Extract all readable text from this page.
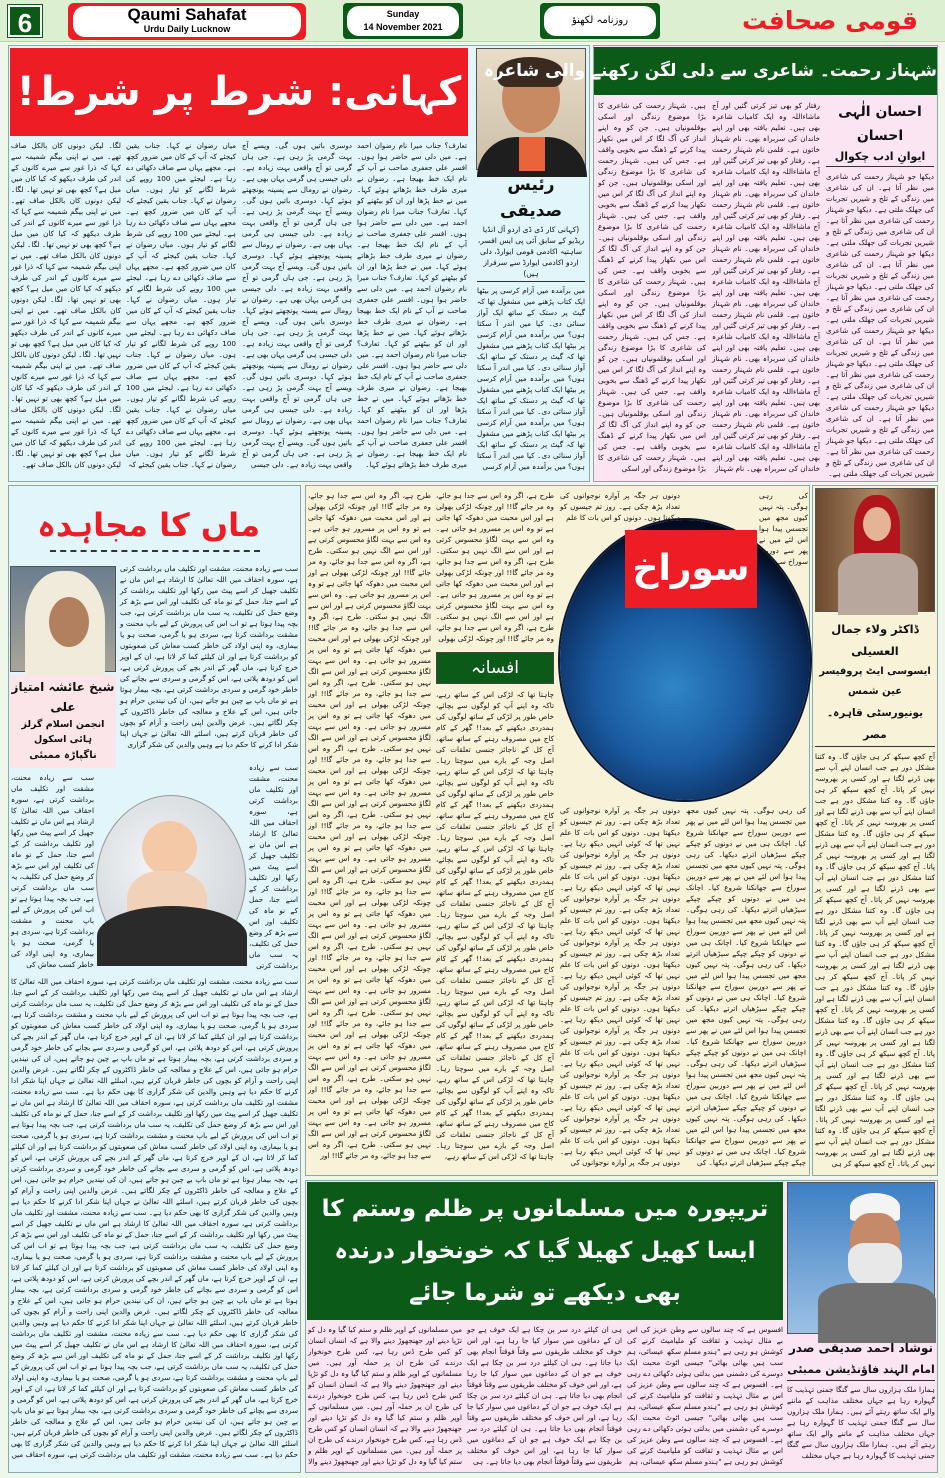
6	Qaumi Sahafat
Urdu Daily Lucknow
Sunday
14 November 2021
روزنامہ لکھنؤ	قومی صحافت
کہانی: شرط پر شرط!
رئیس صدیقی
(کہانی کار ڈی ڈی اردو آل انڈیا ریڈیو کے سابق آئی پی ایس افسر، ساہتیہ اکادمی قومی ایوارڈ، دلی اردو اکادمی ایوارڈ سے سرفراز ہیں)
میں برآمدہ میں آرام کرسی پر بیٹھا ایک کتاب پڑھنے میں مشغول تھا کہ گیٹ پر دستک کے ساتھ ایک آواز سنائی دی۔ کیا میں اندر آ سکتا ہوں؟ میں برآمدہ میں آرام کرسی پر بیٹھا ایک کتاب پڑھنے میں مشغول تھا کہ گیٹ پر دستک کے ساتھ ایک آواز سنائی دی۔ کیا میں اندر آ سکتا ہوں؟ میں برآمدہ میں آرام کرسی پر بیٹھا ایک کتاب پڑھنے میں مشغول تھا کہ گیٹ پر دستک کے ساتھ ایک آواز سنائی دی۔ کیا میں اندر آ سکتا ہوں؟ میں برآمدہ میں آرام کرسی پر بیٹھا ایک کتاب پڑھنے میں مشغول تھا کہ گیٹ پر دستک کے ساتھ ایک آواز سنائی دی۔ کیا میں اندر آ سکتا ہوں؟ میں برآمدہ میں آرام کرسی
تعارف؟ جناب میرا نام رضوان احمد ہے۔ میں دلی سے حاضر ہوا ہوں۔ افسر علی جعفری صاحب نے آپ کے نام ایک خط بھیجا ہے۔ رضوان نے میری طرف خط بڑھاتے ہوئے کہا۔ میں نے خط پڑھا اور ان کو بیٹھنے کو کہا۔ تعارف؟ جناب میرا نام رضوان احمد ہے۔ میں دلی سے حاضر ہوا ہوں۔ افسر علی جعفری صاحب نے آپ کے نام ایک خط بھیجا ہے۔ رضوان نے میری طرف خط بڑھاتے ہوئے کہا۔ میں نے خط پڑھا اور ان کو بیٹھنے کو کہا۔ تعارف؟ جناب میرا نام رضوان احمد ہے۔ میں دلی سے حاضر ہوا ہوں۔ افسر علی جعفری صاحب نے آپ کے نام ایک خط بھیجا ہے۔ رضوان نے میری طرف خط بڑھاتے ہوئے کہا۔ میں نے خط پڑھا اور ان کو بیٹھنے کو کہا۔ تعارف؟ جناب میرا نام رضوان احمد ہے۔ میں دلی سے حاضر ہوا ہوں۔ افسر علی جعفری صاحب نے آپ کے نام ایک خط بھیجا ہے۔ رضوان نے میری طرف خط بڑھاتے ہوئے کہا۔ میں نے خط پڑھا اور ان کو بیٹھنے کو کہا۔ تعارف؟ جناب میرا نام رضوان احمد ہے۔ میں دلی سے حاضر ہوا ہوں۔ افسر علی جعفری صاحب نے آپ کے نام ایک خط بھیجا ہے۔ رضوان نے میری طرف خط بڑھاتے ہوئے کہا۔
دوسری باتیں ہوں گی۔ ویسے آج بہت گرمی پڑ رہی ہے۔ جی ہاں گرمی تو آج واقعی بہت زیادہ ہے۔ دلی جیسی ہی گرمی یہاں بھی ہے۔ رضوان نے رومال سے پسینہ پونچھتے ہوئے کہا۔ دوسری باتیں ہوں گی۔ ویسے آج بہت گرمی پڑ رہی ہے۔ جی ہاں گرمی تو آج واقعی بہت زیادہ ہے۔ دلی جیسی ہی گرمی یہاں بھی ہے۔ رضوان نے رومال سے پسینہ پونچھتے ہوئے کہا۔ دوسری باتیں ہوں گی۔ ویسے آج بہت گرمی پڑ رہی ہے۔ جی ہاں گرمی تو آج واقعی بہت زیادہ ہے۔ دلی جیسی ہی گرمی یہاں بھی ہے۔ رضوان نے رومال سے پسینہ پونچھتے ہوئے کہا۔ دوسری باتیں ہوں گی۔ ویسے آج بہت گرمی پڑ رہی ہے۔ جی ہاں گرمی تو آج واقعی بہت زیادہ ہے۔ دلی جیسی ہی گرمی یہاں بھی ہے۔ رضوان نے رومال سے پسینہ پونچھتے ہوئے کہا۔ دوسری باتیں ہوں گی۔ ویسے آج بہت گرمی پڑ رہی ہے۔ جی ہاں گرمی تو آج واقعی بہت زیادہ ہے۔ دلی جیسی ہی گرمی یہاں بھی ہے۔ رضوان نے رومال سے پسینہ پونچھتے ہوئے کہا۔ دوسری باتیں ہوں گی۔ ویسے آج بہت گرمی پڑ رہی ہے۔ جی ہاں گرمی تو آج واقعی بہت زیادہ ہے۔ دلی جیسی
میاں رضوان نے کہا۔ جناب یقین کیجئے کہ آپ کے کان میں ضرور کچھ ہے۔ مجھے یہاں سے صاف دکھائی دے رہا ہے۔ لیجئے میں 100 روپے کی شرط لگانے کو تیار ہوں۔ میاں رضوان نے کہا۔ جناب یقین کیجئے کہ آپ کے کان میں ضرور کچھ ہے۔ مجھے یہاں سے صاف دکھائی دے رہا ہے۔ لیجئے میں 100 روپے کی شرط لگانے کو تیار ہوں۔ میاں رضوان نے کہا۔ جناب یقین کیجئے کہ آپ کے کان میں ضرور کچھ ہے۔ مجھے یہاں سے صاف دکھائی دے رہا ہے۔ لیجئے میں 100 روپے کی شرط لگانے کو تیار ہوں۔ میاں رضوان نے کہا۔ جناب یقین کیجئے کہ آپ کے کان میں ضرور کچھ ہے۔ مجھے یہاں سے صاف دکھائی دے رہا ہے۔ لیجئے میں 100 روپے کی شرط لگانے کو تیار ہوں۔ میاں رضوان نے کہا۔ جناب یقین کیجئے کہ آپ کے کان میں ضرور کچھ ہے۔ مجھے یہاں سے صاف دکھائی دے رہا ہے۔ لیجئے میں 100 روپے کی شرط لگانے کو تیار ہوں۔ میاں رضوان نے کہا۔ جناب یقین کیجئے کہ آپ کے کان میں ضرور کچھ ہے۔ مجھے یہاں سے صاف دکھائی دے رہا ہے۔ لیجئے میں 100 روپے کی شرط لگانے کو تیار ہوں۔ میاں رضوان نے کہا۔ جناب یقین کیجئے کہ
لگا۔ لیکن دونوں کان بالکل صاف تھے۔ میں نے اپنی بیگم شمیمہ سے کہا کہ ذرا غور سے میرے کانوں کے اندر کی طرف دیکھو کہ کیا کان میں میل ہے؟ کچھ بھی تو نہیں تھا۔ لگا۔ لیکن دونوں کان بالکل صاف تھے۔ میں نے اپنی بیگم شمیمہ سے کہا کہ ذرا غور سے میرے کانوں کے اندر کی طرف دیکھو کہ کیا کان میں میل ہے؟ کچھ بھی تو نہیں تھا۔ لگا۔ لیکن دونوں کان بالکل صاف تھے۔ میں نے اپنی بیگم شمیمہ سے کہا کہ ذرا غور سے میرے کانوں کے اندر کی طرف دیکھو کہ کیا کان میں میل ہے؟ کچھ بھی تو نہیں تھا۔ لگا۔ لیکن دونوں کان بالکل صاف تھے۔ میں نے اپنی بیگم شمیمہ سے کہا کہ ذرا غور سے میرے کانوں کے اندر کی طرف دیکھو کہ کیا کان میں میل ہے؟ کچھ بھی تو نہیں تھا۔ لگا۔ لیکن دونوں کان بالکل صاف تھے۔ میں نے اپنی بیگم شمیمہ سے کہا کہ ذرا غور سے میرے کانوں کے اندر کی طرف دیکھو کہ کیا کان میں میل ہے؟ کچھ بھی تو نہیں تھا۔ لگا۔ لیکن دونوں کان بالکل صاف تھے۔ میں نے اپنی بیگم شمیمہ سے کہا کہ ذرا غور سے میرے کانوں کے اندر کی طرف دیکھو کہ کیا کان میں میل ہے؟ کچھ بھی تو نہیں تھا۔ لگا۔ لیکن دونوں کان بالکل صاف تھے۔
شہناز رحمت۔ شاعری سے دلی لگن رکھنے والی شاعرہ
احسان الٰہی احسان
ایوانِ ادب چکوال
دیکھا جو شہناز رحمت کی شاعری میں نظر آتا ہے۔ ان کی شاعری میں زندگی کے تلخ و شیریں تجربات کی جھلک ملتی ہے۔ دیکھا جو شہناز رحمت کی شاعری میں نظر آتا ہے۔ ان کی شاعری میں زندگی کے تلخ و شیریں تجربات کی جھلک ملتی ہے۔ دیکھا جو شہناز رحمت کی شاعری میں نظر آتا ہے۔ ان کی شاعری میں زندگی کے تلخ و شیریں تجربات کی جھلک ملتی ہے۔ دیکھا جو شہناز رحمت کی شاعری میں نظر آتا ہے۔ ان کی شاعری میں زندگی کے تلخ و شیریں تجربات کی جھلک ملتی ہے۔ دیکھا جو شہناز رحمت کی شاعری میں نظر آتا ہے۔ ان کی شاعری میں زندگی کے تلخ و شیریں تجربات کی جھلک ملتی ہے۔ دیکھا جو شہناز رحمت کی شاعری میں نظر آتا ہے۔ ان کی شاعری میں زندگی کے تلخ و شیریں تجربات کی جھلک ملتی ہے۔ دیکھا جو شہناز رحمت کی شاعری میں نظر آتا ہے۔ ان کی شاعری میں زندگی کے تلخ و شیریں تجربات کی جھلک ملتی ہے۔ دیکھا جو شہناز رحمت کی شاعری میں نظر آتا ہے۔ ان کی شاعری میں زندگی کے تلخ و شیریں تجربات کی جھلک ملتی ہے۔
رفتار کو بھی تیز کرتی گئیں اور آج ماشاءاللہ وہ ایک کامیاب شاعرہ بھی ہیں۔ تعلیم یافتہ بھی اور اپنے خاندان کی سربراہ بھی۔ نام شہناز خاتون ہے۔ قلمی نام شہناز رحمت ہے۔ رفتار کو بھی تیز کرتی گئیں اور آج ماشاءاللہ وہ ایک کامیاب شاعرہ بھی ہیں۔ تعلیم یافتہ بھی اور اپنے خاندان کی سربراہ بھی۔ نام شہناز خاتون ہے۔ قلمی نام شہناز رحمت ہے۔ رفتار کو بھی تیز کرتی گئیں اور آج ماشاءاللہ وہ ایک کامیاب شاعرہ بھی ہیں۔ تعلیم یافتہ بھی اور اپنے خاندان کی سربراہ بھی۔ نام شہناز خاتون ہے۔ قلمی نام شہناز رحمت ہے۔ رفتار کو بھی تیز کرتی گئیں اور آج ماشاءاللہ وہ ایک کامیاب شاعرہ بھی ہیں۔ تعلیم یافتہ بھی اور اپنے خاندان کی سربراہ بھی۔ نام شہناز خاتون ہے۔ قلمی نام شہناز رحمت ہے۔ رفتار کو بھی تیز کرتی گئیں اور آج ماشاءاللہ وہ ایک کامیاب شاعرہ بھی ہیں۔ تعلیم یافتہ بھی اور اپنے خاندان کی سربراہ بھی۔ نام شہناز خاتون ہے۔ قلمی نام شہناز رحمت ہے۔ رفتار کو بھی تیز کرتی گئیں اور آج ماشاءاللہ وہ ایک کامیاب شاعرہ بھی ہیں۔ تعلیم یافتہ بھی اور اپنے خاندان کی سربراہ بھی۔ نام شہناز خاتون ہے۔ قلمی نام شہناز رحمت ہے۔ رفتار کو بھی تیز کرتی گئیں اور آج ماشاءاللہ وہ ایک کامیاب شاعرہ بھی ہیں۔ تعلیم یافتہ بھی اور اپنے خاندان کی سربراہ بھی۔ نام شہناز
ہیں۔ شہناز رحمت کی شاعری کا بڑا موضوع زندگی اور اسکی بوقلمونیاں ہیں۔ جن کو وہ اپنے انداز کی آگ لگا کر اس میں نکھار پیدا کرنے کے ڈھنگ سے بخوبی واقف ہے۔ جس کی ہیں۔ شہناز رحمت کی شاعری کا بڑا موضوع زندگی اور اسکی بوقلمونیاں ہیں۔ جن کو وہ اپنے انداز کی آگ لگا کر اس میں نکھار پیدا کرنے کے ڈھنگ سے بخوبی واقف ہے۔ جس کی ہیں۔ شہناز رحمت کی شاعری کا بڑا موضوع زندگی اور اسکی بوقلمونیاں ہیں۔ جن کو وہ اپنے انداز کی آگ لگا کر اس میں نکھار پیدا کرنے کے ڈھنگ سے بخوبی واقف ہے۔ جس کی ہیں۔ شہناز رحمت کی شاعری کا بڑا موضوع زندگی اور اسکی بوقلمونیاں ہیں۔ جن کو وہ اپنے انداز کی آگ لگا کر اس میں نکھار پیدا کرنے کے ڈھنگ سے بخوبی واقف ہے۔ جس کی ہیں۔ شہناز رحمت کی شاعری کا بڑا موضوع زندگی اور اسکی بوقلمونیاں ہیں۔ جن کو وہ اپنے انداز کی آگ لگا کر اس میں نکھار پیدا کرنے کے ڈھنگ سے بخوبی واقف ہے۔ جس کی ہیں۔ شہناز رحمت کی شاعری کا بڑا موضوع زندگی اور اسکی بوقلمونیاں ہیں۔ جن کو وہ اپنے انداز کی آگ لگا کر اس میں نکھار پیدا کرنے کے ڈھنگ سے بخوبی واقف ہے۔ جس کی ہیں۔ شہناز رحمت کی شاعری کا بڑا موضوع زندگی اور اسکی
ماں کا مجاہدہ
شیخ عائشہ امتیاز علی
انجمن اسلام گرلز ہائی اسکول
ناگپاڑہ ممبئی
سب سے زیادہ محنت، مشقت اور تکلیف ماں برداشت کرتی ہے، سورہ احقاف میں اللہ تعالیٰ کا ارشاد ہے اس ماں نے تکلیف جھیل کر اسے پیٹ میں رکھا اور تکلیف برداشت کر کے اسے جنا، حمل کے نو ماہ کی تکلیف اور اس سے بڑھ کر وضع حمل کی تکلیف، یہ سب ماں برداشت کرتی ہے، جب بچہ پیدا ہوتا ہے تو اب اس کی پرورش کے لیے باپ محنت و مشقت برداشت کرتا ہے، سردی ہو یا گرمی، صحت ہو یا بیماری، وہ اپنی اولاد کی خاطر کسب معاش کی
سب سے زیادہ محنت، مشقت اور تکلیف ماں برداشت کرتی ہے، سورہ احقاف میں اللہ تعالیٰ کا ارشاد ہے اس ماں نے تکلیف جھیل کر اسے پیٹ میں رکھا اور تکلیف برداشت کر کے اسے جنا، حمل کے نو ماہ کی تکلیف اور اس سے بڑھ کر وضع حمل کی تکلیف، یہ سب ماں برداشت کرتی ہے، جب بچہ پیدا ہوتا ہے تو اب اس کی پرورش کے لیے باپ محنت و مشقت برداشت کرتا ہے، سردی ہو یا گرمی، صحت ہو یا بیماری، وہ اپنی اولاد کی خاطر کسب معاش کی صعوبتوں کو برداشت کرتا ہے اور ان کیلئے کما کر لاتا ہے، ان کے اوپر خرچ کرتا ہے، ماں گھر کے اندر بچے کی پرورش کرتی ہے، اس کو دودھ پلاتی ہے، اس کو گرمی و سردی سے بچانے کی خاطر خود گرمی و سردی برداشت کرتی ہے، بچہ بیمار ہوتا ہے تو ماں باپ بے چین ہو جاتے ہیں، ان کی نیندیں حرام ہو جاتی ہیں، اس کے علاج و معالجہ کی خاطر ڈاکٹروں کے چکر لگاتے ہیں۔ غرض والدین اپنی راحت و آرام کو بچوں کی خاطر قربان کرتے ہیں، اسلئے اللہ تعالیٰ نے جہاں اپنا شکر ادا کرنے کا حکم دیا ہے وہیں والدین کی شکر گزاری
سب سے زیادہ محنت، مشقت اور تکلیف ماں برداشت کرتی ہے، سورہ احقاف میں اللہ تعالیٰ کا ارشاد ہے اس ماں نے تکلیف جھیل کر اسے پیٹ میں رکھا اور تکلیف برداشت کر کے اسے جنا، حمل کے نو ماہ کی تکلیف اور اس سے بڑھ کر وضع حمل کی تکلیف، یہ سب ماں برداشت کرتی
سب سے زیادہ محنت، مشقت اور تکلیف ماں برداشت کرتی ہے، سورہ احقاف میں اللہ تعالیٰ کا ارشاد ہے اس ماں نے تکلیف جھیل کر اسے پیٹ میں رکھا اور تکلیف برداشت کر کے اسے جنا، حمل کے نو ماہ کی تکلیف اور اس سے بڑھ کر وضع حمل کی تکلیف، یہ سب ماں برداشت کرتی ہے، جب بچہ پیدا ہوتا ہے تو اب اس کی پرورش کے لیے باپ محنت و مشقت برداشت کرتا ہے، سردی ہو یا گرمی، صحت ہو یا بیماری، وہ اپنی اولاد کی خاطر کسب معاش کی صعوبتوں کو برداشت کرتا ہے اور ان کیلئے کما کر لاتا ہے، ان کے اوپر خرچ کرتا ہے، ماں گھر کے اندر بچے کی پرورش کرتی ہے، اس کو دودھ پلاتی ہے، اس کو گرمی و سردی سے بچانے کی خاطر خود گرمی و سردی برداشت کرتی ہے، بچہ بیمار ہوتا ہے تو ماں باپ بے چین ہو جاتے ہیں، ان کی نیندیں حرام ہو جاتی ہیں، اس کے علاج و معالجہ کی خاطر ڈاکٹروں کے چکر لگاتے ہیں۔ غرض والدین اپنی راحت و آرام کو بچوں کی خاطر قربان کرتے ہیں، اسلئے اللہ تعالیٰ نے جہاں اپنا شکر ادا کرنے کا حکم دیا ہے وہیں والدین کی شکر گزاری کا بھی حکم دیا ہے۔ سب سے زیادہ محنت، مشقت اور تکلیف ماں برداشت کرتی ہے، سورہ احقاف میں اللہ تعالیٰ کا ارشاد ہے اس ماں نے تکلیف جھیل کر اسے پیٹ میں رکھا اور تکلیف برداشت کر کے اسے جنا، حمل کے نو ماہ کی تکلیف اور اس سے بڑھ کر وضع حمل کی تکلیف، یہ سب ماں برداشت کرتی ہے، جب بچہ پیدا ہوتا ہے تو اب اس کی پرورش کے لیے باپ محنت و مشقت برداشت کرتا ہے، سردی ہو یا گرمی، صحت ہو یا بیماری، وہ اپنی اولاد کی خاطر کسب معاش کی صعوبتوں کو برداشت کرتا ہے اور ان کیلئے کما کر لاتا ہے، ان کے اوپر خرچ کرتا ہے، ماں گھر کے اندر بچے کی پرورش کرتی ہے، اس کو دودھ پلاتی ہے، اس کو گرمی و سردی سے بچانے کی خاطر خود گرمی و سردی برداشت کرتی ہے، بچہ بیمار ہوتا ہے تو ماں باپ بے چین ہو جاتے ہیں، ان کی نیندیں حرام ہو جاتی ہیں، اس کے علاج و معالجہ کی خاطر ڈاکٹروں کے چکر لگاتے ہیں۔ غرض والدین اپنی راحت و آرام کو بچوں کی خاطر قربان کرتے ہیں، اسلئے اللہ تعالیٰ نے جہاں اپنا شکر ادا کرنے کا حکم دیا ہے وہیں والدین کی شکر گزاری کا بھی حکم دیا ہے۔ سب سے زیادہ محنت، مشقت اور تکلیف ماں برداشت کرتی ہے، سورہ احقاف میں اللہ تعالیٰ کا ارشاد ہے اس ماں نے تکلیف جھیل کر اسے پیٹ میں رکھا اور تکلیف برداشت کر کے اسے جنا، حمل کے نو ماہ کی تکلیف اور اس سے بڑھ کر وضع حمل کی تکلیف، یہ سب ماں برداشت کرتی ہے، جب بچہ پیدا ہوتا ہے تو اب اس کی پرورش کے لیے باپ محنت و مشقت برداشت کرتا ہے، سردی ہو یا گرمی، صحت ہو یا بیماری، وہ اپنی اولاد کی خاطر کسب معاش کی صعوبتوں کو برداشت کرتا ہے اور ان کیلئے کما کر لاتا ہے، ان کے اوپر خرچ کرتا ہے، ماں گھر کے اندر بچے کی پرورش کرتی ہے، اس کو دودھ پلاتی ہے، اس کو گرمی و سردی سے بچانے کی خاطر خود گرمی و سردی برداشت کرتی ہے، بچہ بیمار ہوتا ہے تو ماں باپ بے چین ہو جاتے ہیں، ان کی نیندیں حرام ہو جاتی ہیں، اس کے علاج و معالجہ کی خاطر ڈاکٹروں کے چکر لگاتے ہیں۔ غرض والدین اپنی راحت و آرام کو بچوں کی خاطر قربان کرتے ہیں، اسلئے اللہ تعالیٰ نے جہاں اپنا شکر ادا کرنے کا حکم دیا ہے وہیں والدین کی شکر گزاری کا بھی حکم دیا ہے۔ سب سے زیادہ محنت، مشقت اور تکلیف ماں برداشت کرتی ہے، سورہ احقاف میں اللہ تعالیٰ کا ارشاد ہے اس ماں نے تکلیف جھیل کر اسے پیٹ میں رکھا اور تکلیف برداشت کر کے اسے جنا، حمل کے نو ماہ کی تکلیف اور اس سے بڑھ کر وضع حمل کی تکلیف، یہ سب ماں برداشت کرتی ہے، جب بچہ پیدا ہوتا ہے تو اب اس کی پرورش کے لیے باپ محنت و مشقت برداشت کرتا ہے، سردی ہو یا گرمی، صحت ہو یا بیماری، وہ اپنی اولاد کی خاطر کسب معاش کی صعوبتوں کو برداشت کرتا ہے اور ان کیلئے کما کر لاتا ہے، ان کے اوپر خرچ کرتا ہے، ماں گھر کے اندر بچے کی پرورش کرتی ہے، اس کو دودھ پلاتی ہے، اس کو گرمی و سردی سے بچانے کی خاطر خود گرمی و سردی برداشت کرتی ہے، بچہ بیمار ہوتا ہے تو ماں باپ بے چین ہو جاتے ہیں، ان کی نیندیں حرام ہو جاتی ہیں، اس کے علاج و معالجہ کی خاطر ڈاکٹروں کے چکر لگاتے ہیں۔ غرض والدین اپنی راحت و آرام کو بچوں کی خاطر قربان کرتے ہیں، اسلئے اللہ تعالیٰ نے جہاں اپنا شکر ادا کرنے کا حکم دیا ہے وہیں والدین کی شکر گزاری کا بھی حکم دیا ہے۔ سب سے زیادہ محنت، مشقت اور تکلیف ماں برداشت کرتی ہے، سورہ احقاف میں
سوراخ
کی رہی ہوگی۔ پتہ نہیں کیوں مجھ میں تجسس پیدا ہوا اس لئے میں نے پھر سے دوربین سوراخ سے
دونوں ہر جگہ پر آوارہ نوجوانوں کی تعداد بڑھ چکی ہے۔ روز تم جیسوں کو دیکھتا ہوں۔ دونوں کو اس بات کا علم
کی رہی ہوگی۔ پتہ نہیں کیوں مجھ میں تجسس پیدا ہوا اس لئے میں نے پھر سے دوربین سوراخ سے جھانکنا شروع کیا۔ اچانک ہی میں نے دونوں کو چپکے چپکے سیڑھیاں اترتے دیکھا۔ کی رہی ہوگی۔ پتہ نہیں کیوں مجھ میں تجسس پیدا ہوا اس لئے میں نے پھر سے دوربین سوراخ سے جھانکنا شروع کیا۔ اچانک ہی میں نے دونوں کو چپکے چپکے سیڑھیاں اترتے دیکھا۔ کی رہی ہوگی۔ پتہ نہیں کیوں مجھ میں تجسس پیدا ہوا اس لئے میں نے پھر سے دوربین سوراخ سے جھانکنا شروع کیا۔ اچانک ہی میں نے دونوں کو چپکے چپکے سیڑھیاں اترتے دیکھا۔ کی رہی ہوگی۔ پتہ نہیں کیوں مجھ میں تجسس پیدا ہوا اس لئے میں نے پھر سے دوربین سوراخ سے جھانکنا شروع کیا۔ اچانک ہی میں نے دونوں کو چپکے چپکے سیڑھیاں اترتے دیکھا۔ کی رہی ہوگی۔ پتہ نہیں کیوں مجھ میں تجسس پیدا ہوا اس لئے میں نے پھر سے دوربین سوراخ سے جھانکنا شروع کیا۔ اچانک ہی میں نے دونوں کو چپکے چپکے سیڑھیاں اترتے دیکھا۔ کی رہی ہوگی۔ پتہ نہیں کیوں مجھ میں تجسس پیدا ہوا اس لئے میں نے پھر سے دوربین سوراخ سے جھانکنا شروع کیا۔ اچانک ہی میں نے دونوں کو چپکے چپکے سیڑھیاں اترتے دیکھا۔ کی رہی ہوگی۔ پتہ نہیں کیوں مجھ میں تجسس پیدا ہوا اس لئے میں نے پھر سے دوربین سوراخ سے جھانکنا شروع کیا۔ اچانک ہی میں نے دونوں کو چپکے چپکے سیڑھیاں اترتے دیکھا۔ کی
دونوں ہر جگہ پر آوارہ نوجوانوں کی تعداد بڑھ چکی ہے۔ روز تم جیسوں کو دیکھتا ہوں۔ دونوں کو اس بات کا علم نہیں تھا کہ کوئی انہیں دیکھ رہا ہے۔ دونوں ہر جگہ پر آوارہ نوجوانوں کی تعداد بڑھ چکی ہے۔ روز تم جیسوں کو دیکھتا ہوں۔ دونوں کو اس بات کا علم نہیں تھا کہ کوئی انہیں دیکھ رہا ہے۔ دونوں ہر جگہ پر آوارہ نوجوانوں کی تعداد بڑھ چکی ہے۔ روز تم جیسوں کو دیکھتا ہوں۔ دونوں کو اس بات کا علم نہیں تھا کہ کوئی انہیں دیکھ رہا ہے۔ دونوں ہر جگہ پر آوارہ نوجوانوں کی تعداد بڑھ چکی ہے۔ روز تم جیسوں کو دیکھتا ہوں۔ دونوں کو اس بات کا علم نہیں تھا کہ کوئی انہیں دیکھ رہا ہے۔ دونوں ہر جگہ پر آوارہ نوجوانوں کی تعداد بڑھ چکی ہے۔ روز تم جیسوں کو دیکھتا ہوں۔ دونوں کو اس بات کا علم نہیں تھا کہ کوئی انہیں دیکھ رہا ہے۔ دونوں ہر جگہ پر آوارہ نوجوانوں کی تعداد بڑھ چکی ہے۔ روز تم جیسوں کو دیکھتا ہوں۔ دونوں کو اس بات کا علم نہیں تھا کہ کوئی انہیں دیکھ رہا ہے۔ دونوں ہر جگہ پر آوارہ نوجوانوں کی تعداد بڑھ چکی ہے۔ روز تم جیسوں کو دیکھتا ہوں۔ دونوں کو اس بات کا علم نہیں تھا کہ کوئی انہیں دیکھ رہا ہے۔ دونوں ہر جگہ پر آوارہ نوجوانوں کی تعداد بڑھ چکی ہے۔ روز تم جیسوں کو دیکھتا ہوں۔ دونوں کو اس بات کا علم نہیں تھا کہ کوئی انہیں دیکھ رہا ہے۔ دونوں ہر جگہ پر آوارہ نوجوانوں کی
طرح ہے، اگر وہ اس سے جدا ہو جائے، وہ مر جائے گا!! اور چونکہ لڑکی بھولی ہے اور اس محبت میں دھوکہ کھا جاتی ہے تو وہ اس پر مسرور ہو جاتی ہے۔ وہ اس سے بہت لگاؤ محسوس کرتی ہے اور اس سے الگ نہیں ہو سکتی۔ طرح ہے، اگر وہ اس سے جدا ہو جائے، وہ مر جائے گا!! اور چونکہ لڑکی بھولی ہے اور اس محبت میں دھوکہ کھا جاتی ہے تو وہ اس پر مسرور ہو جاتی ہے۔ وہ اس سے بہت لگاؤ محسوس کرتی ہے اور اس سے الگ نہیں ہو سکتی۔ طرح ہے، اگر وہ اس سے جدا ہو جائے، وہ مر جائے گا!! اور چونکہ لڑکی بھولی
افسانہ
چاہتا تھا کہ لڑکی اس کے ساتھ رہے، تاکہ وہ اپنے آپ کو لوگوں سے بچائے، خاص طور پر لڑکی کے ساتھ لوگوں کی ہمدردی دیکھنے کے بعد!! گھر کے کام کاج میں مصروف رہنے کے ساتھ ساتھ، آج کل کے ناجائز جنسی تعلقات کی اصل وجہ کے بارے میں سوچتا رہا۔ چاہتا تھا کہ لڑکی اس کے ساتھ رہے، تاکہ وہ اپنے آپ کو لوگوں سے بچائے، خاص طور پر لڑکی کے ساتھ لوگوں کی ہمدردی دیکھنے کے بعد!! گھر کے کام کاج میں مصروف رہنے کے ساتھ ساتھ، آج کل کے ناجائز جنسی تعلقات کی اصل وجہ کے بارے میں سوچتا رہا۔ چاہتا تھا کہ لڑکی اس کے ساتھ رہے، تاکہ وہ اپنے آپ کو لوگوں سے بچائے، خاص طور پر لڑکی کے ساتھ لوگوں کی ہمدردی دیکھنے کے بعد!! گھر کے کام کاج میں مصروف رہنے کے ساتھ ساتھ، آج کل کے ناجائز جنسی تعلقات کی اصل وجہ کے بارے میں سوچتا رہا۔ چاہتا تھا کہ لڑکی اس کے ساتھ رہے، تاکہ وہ اپنے آپ کو لوگوں سے بچائے، خاص طور پر لڑکی کے ساتھ لوگوں کی ہمدردی دیکھنے کے بعد!! گھر کے کام کاج میں مصروف رہنے کے ساتھ ساتھ، آج کل کے ناجائز جنسی تعلقات کی اصل وجہ کے بارے میں سوچتا رہا۔ چاہتا تھا کہ لڑکی اس کے ساتھ رہے، تاکہ وہ اپنے آپ کو لوگوں سے بچائے، خاص طور پر لڑکی کے ساتھ لوگوں کی ہمدردی دیکھنے کے بعد!! گھر کے کام کاج میں مصروف رہنے کے ساتھ ساتھ، آج کل کے ناجائز جنسی تعلقات کی اصل وجہ کے بارے میں سوچتا رہا۔ چاہتا تھا کہ لڑکی اس کے ساتھ رہے، تاکہ وہ اپنے آپ کو لوگوں سے بچائے، خاص طور پر لڑکی کے ساتھ لوگوں کی ہمدردی دیکھنے کے بعد!! گھر کے کام کاج میں مصروف رہنے کے ساتھ ساتھ، آج کل کے ناجائز جنسی تعلقات کی اصل وجہ کے بارے میں سوچتا رہا۔ چاہتا تھا کہ لڑکی اس کے ساتھ رہے،
طرح ہے، اگر وہ اس سے جدا ہو جائے، وہ مر جائے گا!! اور چونکہ لڑکی بھولی ہے اور اس محبت میں دھوکہ کھا جاتی ہے تو وہ اس پر مسرور ہو جاتی ہے۔ وہ اس سے بہت لگاؤ محسوس کرتی ہے اور اس سے الگ نہیں ہو سکتی۔ طرح ہے، اگر وہ اس سے جدا ہو جائے، وہ مر جائے گا!! اور چونکہ لڑکی بھولی ہے اور اس محبت میں دھوکہ کھا جاتی ہے تو وہ اس پر مسرور ہو جاتی ہے۔ وہ اس سے بہت لگاؤ محسوس کرتی ہے اور اس سے الگ نہیں ہو سکتی۔ طرح ہے، اگر وہ اس سے جدا ہو جائے، وہ مر جائے گا!! اور چونکہ لڑکی بھولی ہے اور اس محبت میں دھوکہ کھا جاتی ہے تو وہ اس پر مسرور ہو جاتی ہے۔ وہ اس سے بہت لگاؤ محسوس کرتی ہے اور اس سے الگ نہیں ہو سکتی۔ طرح ہے، اگر وہ اس سے جدا ہو جائے، وہ مر جائے گا!! اور چونکہ لڑکی بھولی ہے اور اس محبت میں دھوکہ کھا جاتی ہے تو وہ اس پر مسرور ہو جاتی ہے۔ وہ اس سے بہت لگاؤ محسوس کرتی ہے اور اس سے الگ نہیں ہو سکتی۔ طرح ہے، اگر وہ اس سے جدا ہو جائے، وہ مر جائے گا!! اور چونکہ لڑکی بھولی ہے اور اس محبت میں دھوکہ کھا جاتی ہے تو وہ اس پر مسرور ہو جاتی ہے۔ وہ اس سے بہت لگاؤ محسوس کرتی ہے اور اس سے الگ نہیں ہو سکتی۔ طرح ہے، اگر وہ اس سے جدا ہو جائے، وہ مر جائے گا!! اور چونکہ لڑکی بھولی ہے اور اس محبت میں دھوکہ کھا جاتی ہے تو وہ اس پر مسرور ہو جاتی ہے۔ وہ اس سے بہت لگاؤ محسوس کرتی ہے اور اس سے الگ نہیں ہو سکتی۔ طرح ہے، اگر وہ اس سے جدا ہو جائے، وہ مر جائے گا!! اور چونکہ لڑکی بھولی ہے اور اس محبت میں دھوکہ کھا جاتی ہے تو وہ اس پر مسرور ہو جاتی ہے۔ وہ اس سے بہت لگاؤ محسوس کرتی ہے اور اس سے الگ نہیں ہو سکتی۔ طرح ہے، اگر وہ اس سے جدا ہو جائے، وہ مر جائے گا!! اور چونکہ لڑکی بھولی ہے اور اس محبت میں دھوکہ کھا جاتی ہے تو وہ اس پر مسرور ہو جاتی ہے۔ وہ اس سے بہت لگاؤ محسوس کرتی ہے اور اس سے الگ نہیں ہو سکتی۔ طرح ہے، اگر وہ اس سے جدا ہو جائے، وہ مر جائے گا!! اور چونکہ لڑکی بھولی ہے اور اس محبت میں دھوکہ کھا جاتی ہے تو وہ اس پر مسرور ہو جاتی ہے۔ وہ اس سے بہت لگاؤ محسوس کرتی ہے اور اس سے الگ نہیں ہو سکتی۔ طرح ہے، اگر وہ اس سے جدا ہو جائے، وہ مر جائے گا!! اور چونکہ لڑکی بھولی ہے اور اس محبت میں دھوکہ کھا جاتی ہے تو وہ اس پر مسرور ہو جاتی ہے۔ وہ اس سے بہت لگاؤ محسوس کرتی ہے اور اس سے الگ نہیں ہو سکتی۔ طرح ہے، اگر وہ اس سے جدا ہو جائے، وہ مر جائے گا!! اور
ڈاکٹر ولاء جمال العسیلی
ایسوسی ایٹ پروفیسر عین شمس
یونیورسٹی قاہرہ۔ مصر
آج کچھ سیکھ کر ہی جاؤں گا۔ وہ کتنا مشکل دور ہے جب انسان اپنے آپ سے بھی ڈرنے لگتا ہے اور کسی پر بھروسہ نہیں کر پاتا۔ آج کچھ سیکھ کر ہی جاؤں گا۔ وہ کتنا مشکل دور ہے جب انسان اپنے آپ سے بھی ڈرنے لگتا ہے اور کسی پر بھروسہ نہیں کر پاتا۔ آج کچھ سیکھ کر ہی جاؤں گا۔ وہ کتنا مشکل دور ہے جب انسان اپنے آپ سے بھی ڈرنے لگتا ہے اور کسی پر بھروسہ نہیں کر پاتا۔ آج کچھ سیکھ کر ہی جاؤں گا۔ وہ کتنا مشکل دور ہے جب انسان اپنے آپ سے بھی ڈرنے لگتا ہے اور کسی پر بھروسہ نہیں کر پاتا۔ آج کچھ سیکھ کر ہی جاؤں گا۔ وہ کتنا مشکل دور ہے جب انسان اپنے آپ سے بھی ڈرنے لگتا ہے اور کسی پر بھروسہ نہیں کر پاتا۔ آج کچھ سیکھ کر ہی جاؤں گا۔ وہ کتنا مشکل دور ہے جب انسان اپنے آپ سے بھی ڈرنے لگتا ہے اور کسی پر بھروسہ نہیں کر پاتا۔ آج کچھ سیکھ کر ہی جاؤں گا۔ وہ کتنا مشکل دور ہے جب انسان اپنے آپ سے بھی ڈرنے لگتا ہے اور کسی پر بھروسہ نہیں کر پاتا۔ آج کچھ سیکھ کر ہی جاؤں گا۔ وہ کتنا مشکل دور ہے جب انسان اپنے آپ سے بھی ڈرنے لگتا ہے اور کسی پر بھروسہ نہیں کر پاتا۔ آج کچھ سیکھ کر ہی جاؤں گا۔ وہ کتنا مشکل دور ہے جب انسان اپنے آپ سے بھی ڈرنے لگتا ہے اور کسی پر بھروسہ نہیں کر پاتا۔ آج کچھ سیکھ کر ہی جاؤں گا۔ وہ کتنا مشکل دور ہے جب انسان اپنے آپ سے بھی ڈرنے لگتا ہے اور کسی پر بھروسہ نہیں کر پاتا۔ آج کچھ سیکھ کر ہی جاؤں گا۔ وہ کتنا مشکل دور ہے جب انسان اپنے آپ سے بھی ڈرنے لگتا ہے اور کسی پر بھروسہ نہیں کر پاتا۔ آج کچھ سیکھ کر ہی
تریپورہ میں مسلمانوں پر ظلم وستم کا ایسا کھیل کھیلا گیا کہ خونخوار درندہ بھی دیکھے تو شرما جائے
نوشاد احمد صدیقی صدر
امام الہند فاؤنڈیشن ممبئی
ہمارا ملک ہزاروں سال سے گنگا جمنی تہذیب کا گہوارہ رہا ہے جہاں مختلف مذاہب کے ماننے والے ایک ساتھ رہتے آئے ہیں۔ ہمارا ملک ہزاروں سال سے گنگا جمنی تہذیب کا گہوارہ رہا ہے جہاں مختلف مذاہب کے ماننے والے ایک ساتھ رہتے آئے ہیں۔ ہمارا ملک ہزاروں سال سے گنگا جمنی تہذیب کا گہوارہ رہا ہے جہاں مختلف
افسوس ہے کہ چند سالوں سے وطن عزیز کی اس بے مثال تہذیب و ثقافت کو ملیامیٹ کرنے کی کوشش ہو رہی ہے "ہندو مسلم سکھ عیسائی، ہم سب ہیں بھائی بھائی" جیسی اٹوٹ محبت ایک دوسرے کی دشمنی میں بدلتی ہوئی دکھائی دے رہی ہے۔ افسوس ہے کہ چند سالوں سے وطن عزیز کی اس بے مثال تہذیب و ثقافت کو ملیامیٹ کرنے کی کوشش ہو رہی ہے "ہندو مسلم سکھ عیسائی، ہم سب ہیں بھائی بھائی" جیسی اٹوٹ محبت ایک دوسرے کی دشمنی میں بدلتی ہوئی دکھائی دے رہی ہے۔ افسوس ہے کہ چند سالوں سے وطن عزیز کی اس بے مثال تہذیب و ثقافت کو ملیامیٹ کرنے کی کوشش ہو رہی ہے "ہندو مسلم سکھ عیسائی، ہم
ہی ان کیلئے درد سر بن چکا ہے ایک خوف ہے جو ان کے دماغوں میں سوار کیا جا رہا ہے، اور اس خوف کو مختلف طریقوں سے وقتاً فوقتاً انجام بھی دیا جاتا ہے۔ ہی ان کیلئے درد سر بن چکا ہے ایک خوف ہے جو ان کے دماغوں میں سوار کیا جا رہا ہے، اور اس خوف کو مختلف طریقوں سے وقتاً فوقتاً انجام بھی دیا جاتا ہے۔ ہی ان کیلئے درد سر بن چکا ہے ایک خوف ہے جو ان کے دماغوں میں سوار کیا جا رہا ہے، اور اس خوف کو مختلف طریقوں سے وقتاً فوقتاً انجام بھی دیا جاتا ہے۔ ہی ان کیلئے درد سر بن چکا ہے ایک خوف ہے جو ان کے دماغوں میں سوار کیا جا رہا ہے، اور اس خوف کو مختلف طریقوں سے وقتاً فوقتاً انجام بھی دیا جاتا ہے۔ ہی
میں مسلمانوں کے اوپر ظلم و ستم کیا گیا وہ دل کو تڑپا دینے اور جھنجھوڑ دینے والا ہے کہ انسان انسان کو کس طرح ڈس رہا ہے، کس طرح خونخوار درندے کی طرح ان پر حملہ آور ہیں۔ میں مسلمانوں کے اوپر ظلم و ستم کیا گیا وہ دل کو تڑپا دینے اور جھنجھوڑ دینے والا ہے کہ انسان انسان کو کس طرح ڈس رہا ہے، کس طرح خونخوار درندے کی طرح ان پر حملہ آور ہیں۔ میں مسلمانوں کے اوپر ظلم و ستم کیا گیا وہ دل کو تڑپا دینے اور جھنجھوڑ دینے والا ہے کہ انسان انسان کو کس طرح ڈس رہا ہے، کس طرح خونخوار درندے کی طرح ان پر حملہ آور ہیں۔ میں مسلمانوں کے اوپر ظلم و ستم کیا گیا وہ دل کو تڑپا دینے اور جھنجھوڑ دینے والا
